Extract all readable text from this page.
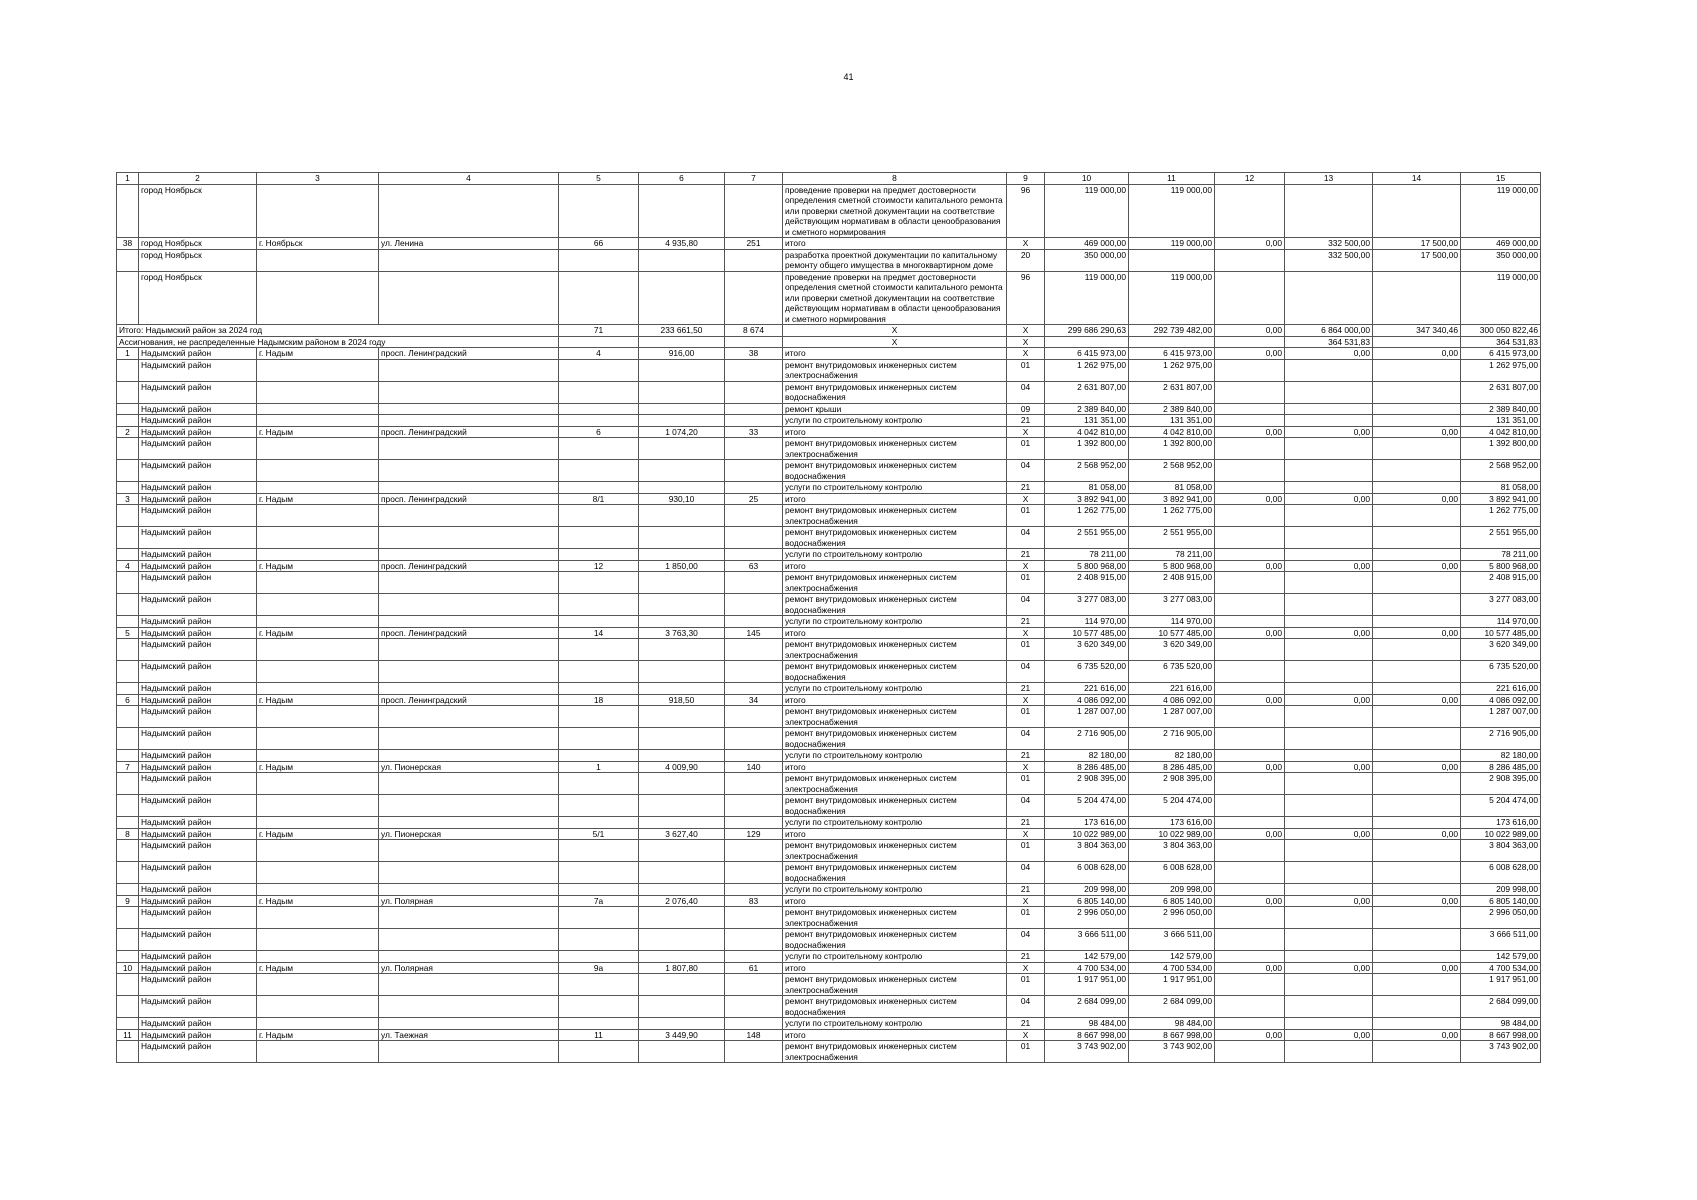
41
1	2	3	4	5	6	7	8	9	10	11	12	13	14	15
	город Ноябрьск						проведение проверки на предмет достоверности определения сметной стоимости капитального ремонта или проверки сметной документации на соответствие действующим нормативам в области ценообразования и сметного нормирования	96	119 000,00	119 000,00				119 000,00
38	город Ноябрьск	г. Ноябрьск	ул. Ленина	66	4 935,80	251	итого	Х	469 000,00	119 000,00	0,00	332 500,00	17 500,00	469 000,00
	город Ноябрьск						разработка проектной документации по капитальному ремонту общего имущества в многоквартирном доме	20	350 000,00			332 500,00	17 500,00	350 000,00
	город Ноябрьск						проведение проверки на предмет достоверности определения сметной стоимости капитального ремонта или проверки сметной документации на соответствие действующим нормативам в области ценообразования и сметного нормирования	96	119 000,00	119 000,00				119 000,00
Итого: Надымский район за 2024 год				71	233 661,50	8 674	Х	Х	299 686 290,63	292 739 482,00	0,00	6 864 000,00	347 340,46	300 050 822,46
Ассигнования, не распределенные Надымским районом в 2024 году							Х	Х				364 531,83		364 531,83
1	Надымский район	г. Надым	просп. Ленинградский	4	916,00	38	итого	Х	6 415 973,00	6 415 973,00	0,00	0,00	0,00	6 415 973,00
	Надымский район						ремонт внутридомовых инженерных систем электроснабжения	01	1 262 975,00	1 262 975,00				1 262 975,00
	Надымский район						ремонт внутридомовых инженерных систем водоснабжения	04	2 631 807,00	2 631 807,00				2 631 807,00
	Надымский район						ремонт крыши	09	2 389 840,00	2 389 840,00				2 389 840,00
	Надымский район						услуги по строительному контролю	21	131 351,00	131 351,00				131 351,00
2	Надымский район	г. Надым	просп. Ленинградский	6	1 074,20	33	итого	Х	4 042 810,00	4 042 810,00	0,00	0,00	0,00	4 042 810,00
	Надымский район						ремонт внутридомовых инженерных систем электроснабжения	01	1 392 800,00	1 392 800,00				1 392 800,00
	Надымский район						ремонт внутридомовых инженерных систем водоснабжения	04	2 568 952,00	2 568 952,00				2 568 952,00
	Надымский район						услуги по строительному контролю	21	81 058,00	81 058,00				81 058,00
3	Надымский район	г. Надым	просп. Ленинградский	8/1	930,10	25	итого	Х	3 892 941,00	3 892 941,00	0,00	0,00	0,00	3 892 941,00
	Надымский район						ремонт внутридомовых инженерных систем электроснабжения	01	1 262 775,00	1 262 775,00				1 262 775,00
	Надымский район						ремонт внутридомовых инженерных систем водоснабжения	04	2 551 955,00	2 551 955,00				2 551 955,00
	Надымский район						услуги по строительному контролю	21	78 211,00	78 211,00				78 211,00
4	Надымский район	г. Надым	просп. Ленинградский	12	1 850,00	63	итого	Х	5 800 968,00	5 800 968,00	0,00	0,00	0,00	5 800 968,00
	Надымский район						ремонт внутридомовых инженерных систем электроснабжения	01	2 408 915,00	2 408 915,00				2 408 915,00
	Надымский район						ремонт внутридомовых инженерных систем водоснабжения	04	3 277 083,00	3 277 083,00				3 277 083,00
	Надымский район						услуги по строительному контролю	21	114 970,00	114 970,00				114 970,00
5	Надымский район	г. Надым	просп. Ленинградский	14	3 763,30	145	итого	Х	10 577 485,00	10 577 485,00	0,00	0,00	0,00	10 577 485,00
	Надымский район						ремонт внутридомовых инженерных систем электроснабжения	01	3 620 349,00	3 620 349,00				3 620 349,00
	Надымский район						ремонт внутридомовых инженерных систем водоснабжения	04	6 735 520,00	6 735 520,00				6 735 520,00
	Надымский район						услуги по строительному контролю	21	221 616,00	221 616,00				221 616,00
6	Надымский район	г. Надым	просп. Ленинградский	18	918,50	34	итого	Х	4 086 092,00	4 086 092,00	0,00	0,00	0,00	4 086 092,00
	Надымский район						ремонт внутридомовых инженерных систем электроснабжения	01	1 287 007,00	1 287 007,00				1 287 007,00
	Надымский район						ремонт внутридомовых инженерных систем водоснабжения	04	2 716 905,00	2 716 905,00				2 716 905,00
	Надымский район						услуги по строительному контролю	21	82 180,00	82 180,00				82 180,00
7	Надымский район	г. Надым	ул. Пионерская	1	4 009,90	140	итого	Х	8 286 485,00	8 286 485,00	0,00	0,00	0,00	8 286 485,00
	Надымский район						ремонт внутридомовых инженерных систем электроснабжения	01	2 908 395,00	2 908 395,00				2 908 395,00
	Надымский район						ремонт внутридомовых инженерных систем водоснабжения	04	5 204 474,00	5 204 474,00				5 204 474,00
	Надымский район						услуги по строительному контролю	21	173 616,00	173 616,00				173 616,00
8	Надымский район	г. Надым	ул. Пионерская	5/1	3 627,40	129	итого	Х	10 022 989,00	10 022 989,00	0,00	0,00	0,00	10 022 989,00
	Надымский район						ремонт внутридомовых инженерных систем электроснабжения	01	3 804 363,00	3 804 363,00				3 804 363,00
	Надымский район						ремонт внутридомовых инженерных систем водоснабжения	04	6 008 628,00	6 008 628,00				6 008 628,00
	Надымский район						услуги по строительному контролю	21	209 998,00	209 998,00				209 998,00
9	Надымский район	г. Надым	ул. Полярная	7а	2 076,40	83	итого	Х	6 805 140,00	6 805 140,00	0,00	0,00	0,00	6 805 140,00
	Надымский район						ремонт внутридомовых инженерных систем электроснабжения	01	2 996 050,00	2 996 050,00				2 996 050,00
	Надымский район						ремонт внутридомовых инженерных систем водоснабжения	04	3 666 511,00	3 666 511,00				3 666 511,00
	Надымский район						услуги по строительному контролю	21	142 579,00	142 579,00				142 579,00
10	Надымский район	г. Надым	ул. Полярная	9а	1 807,80	61	итого	Х	4 700 534,00	4 700 534,00	0,00	0,00	0,00	4 700 534,00
	Надымский район						ремонт внутридомовых инженерных систем электроснабжения	01	1 917 951,00	1 917 951,00				1 917 951,00
	Надымский район						ремонт внутридомовых инженерных систем водоснабжения	04	2 684 099,00	2 684 099,00				2 684 099,00
	Надымский район						услуги по строительному контролю	21	98 484,00	98 484,00				98 484,00
11	Надымский район	г. Надым	ул. Таежная	11	3 449,90	148	итого	Х	8 667 998,00	8 667 998,00	0,00	0,00	0,00	8 667 998,00
	Надымский район						ремонт внутридомовых инженерных систем электроснабжения	01	3 743 902,00	3 743 902,00				3 743 902,00
